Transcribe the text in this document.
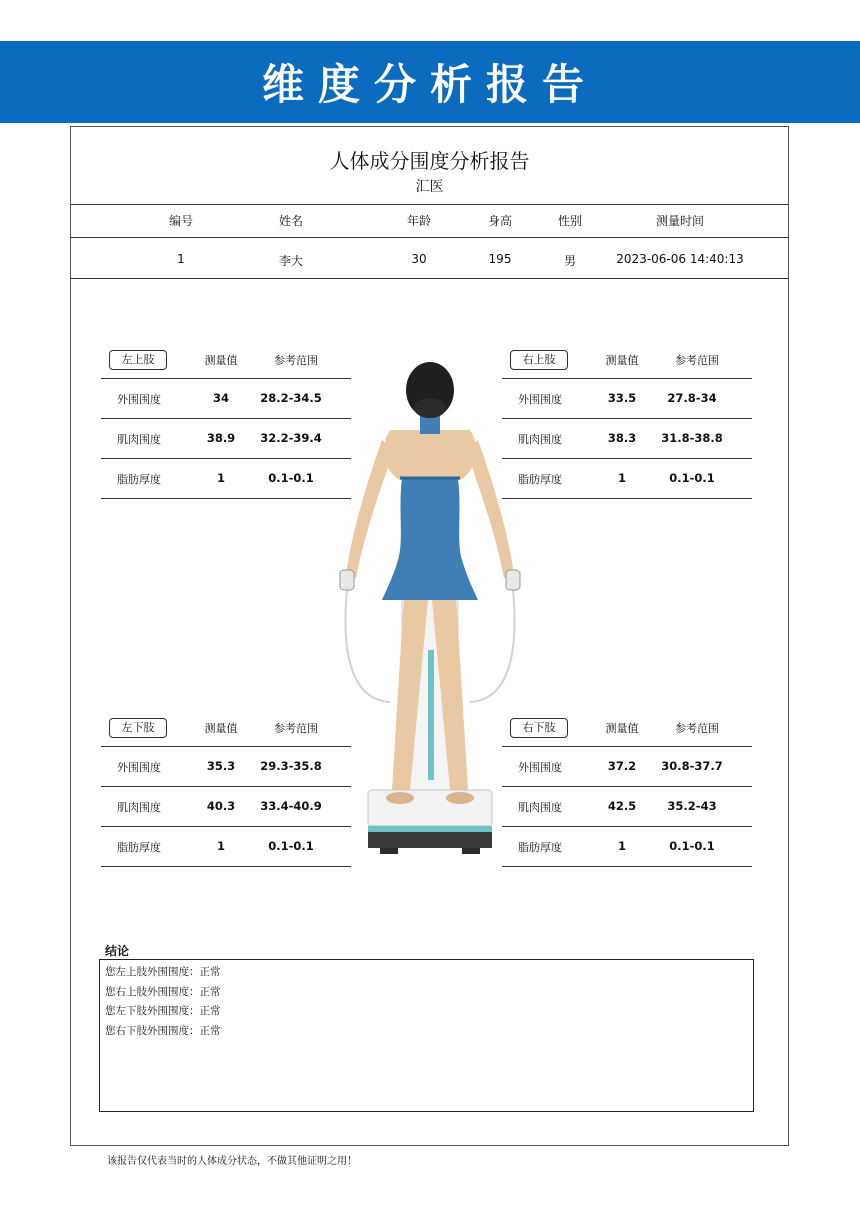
维度分析报告
人体成分围度分析报告
汇医
编号	姓名	年龄	身高	性别	测量时间
1	李大	30	195	男	2023-06-06 14:40:13
左上肢	测量值	参考范围
外围围度	34	28.2-34.5
肌肉围度	38.9 32.2-39.4
脂肪厚度	1	0.1-0.1
右上肢	测量值	参考范围
外围围度	33.5	27.8-34
肌肉围度	38.3 31.8-38.8
脂肪厚度	1	0.1-0.1
左下肢	测量值	参考范围
外围围度	35.3 29.3-35.8
肌肉围度	40.3 33.4-40.9
脂肪厚度	1	0.1-0.1
右下肢	测量值	参考范围
外围围度	37.2 30.8-37.7
肌肉围度	42.5	35.2-43
脂肪厚度	1	0.1-0.1
结论
您左上肢外围围度：正常
您右上肢外围围度：正常
您左下肢外围围度：正常
您右下肢外围围度：正常
该报告仅代表当时的人体成分状态，不做其他证明之用！
